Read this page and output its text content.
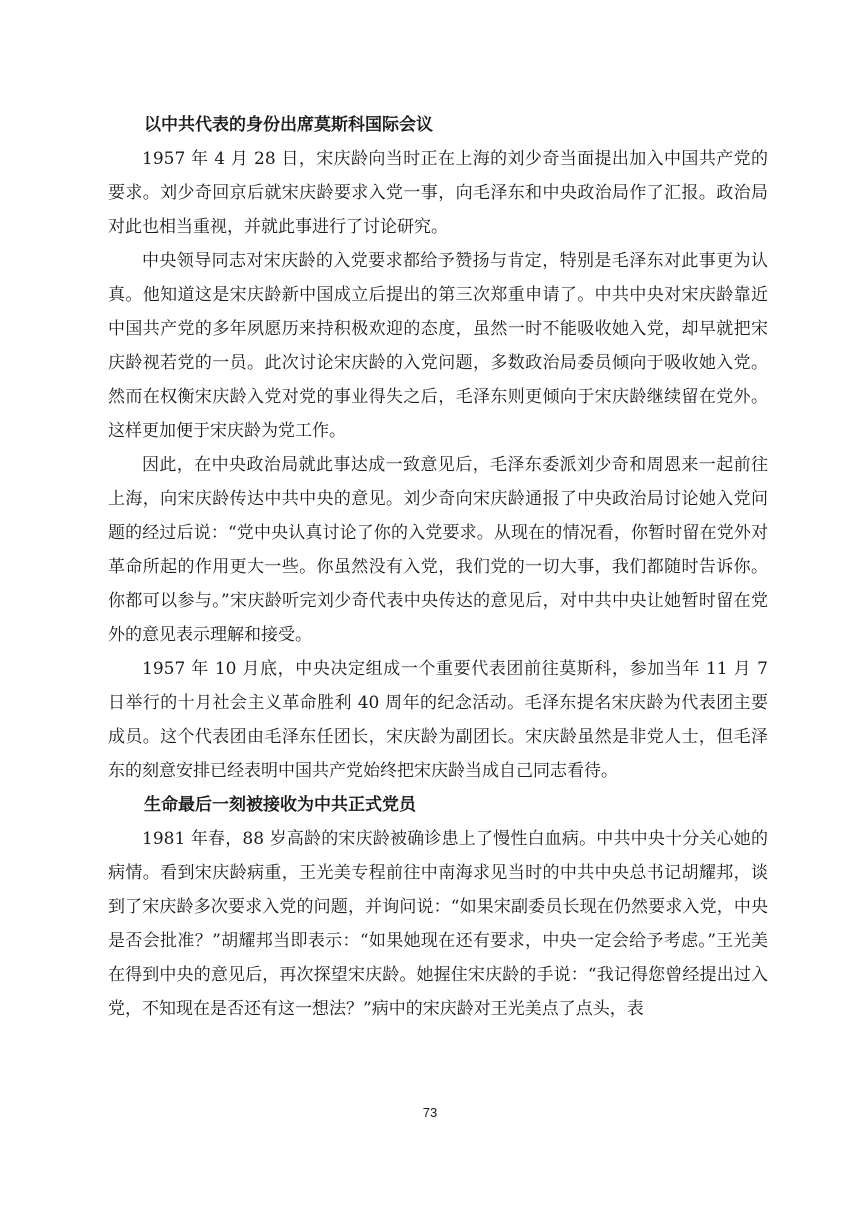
以中共代表的身份出席莫斯科国际会议

1957 年 4 月 28 日，宋庆龄向当时正在上海的刘少奇当面提出加入中国共产党的要求。刘少奇回京后就宋庆龄要求入党一事，向毛泽东和中央政治局作了汇报。政治局对此也相当重视，并就此事进行了讨论研究。

中央领导同志对宋庆龄的入党要求都给予赞扬与肯定，特别是毛泽东对此事更为认真。他知道这是宋庆龄新中国成立后提出的第三次郑重申请了。中共中央对宋庆龄靠近中国共产党的多年夙愿历来持积极欢迎的态度，虽然一时不能吸收她入党，却早就把宋庆龄视若党的一员。此次讨论宋庆龄的入党问题，多数政治局委员倾向于吸收她入党。然而在权衡宋庆龄入党对党的事业得失之后，毛泽东则更倾向于宋庆龄继续留在党外。这样更加便于宋庆龄为党工作。

因此，在中央政治局就此事达成一致意见后，毛泽东委派刘少奇和周恩来一起前往上海，向宋庆龄传达中共中央的意见。刘少奇向宋庆龄通报了中央政治局讨论她入党问题的经过后说：“党中央认真讨论了你的入党要求。从现在的情况看，你暂时留在党外对革命所起的作用更大一些。你虽然没有入党，我们党的一切大事，我们都随时告诉你。你都可以参与。”宋庆龄听完刘少奇代表中央传达的意见后，对中共中央让她暂时留在党外的意见表示理解和接受。

1957 年 10 月底，中央决定组成一个重要代表团前往莫斯科，参加当年 11 月 7 日举行的十月社会主义革命胜利 40 周年的纪念活动。毛泽东提名宋庆龄为代表团主要成员。这个代表团由毛泽东任团长，宋庆龄为副团长。宋庆龄虽然是非党人士，但毛泽东的刻意安排已经表明中国共产党始终把宋庆龄当成自己同志看待。

生命最后一刻被接收为中共正式党员

1981 年春，88 岁高龄的宋庆龄被确诊患上了慢性白血病。中共中央十分关心她的病情。看到宋庆龄病重，王光美专程前往中南海求见当时的中共中央总书记胡耀邦，谈到了宋庆龄多次要求入党的问题，并询问说：“如果宋副委员长现在仍然要求入党，中央是否会批准？”胡耀邦当即表示：“如果她现在还有要求，中央一定会给予考虑。”王光美在得到中央的意见后，再次探望宋庆龄。她握住宋庆龄的手说：“我记得您曾经提出过入党，不知现在是否还有这一想法？”病中的宋庆龄对王光美点了点头，表

73
